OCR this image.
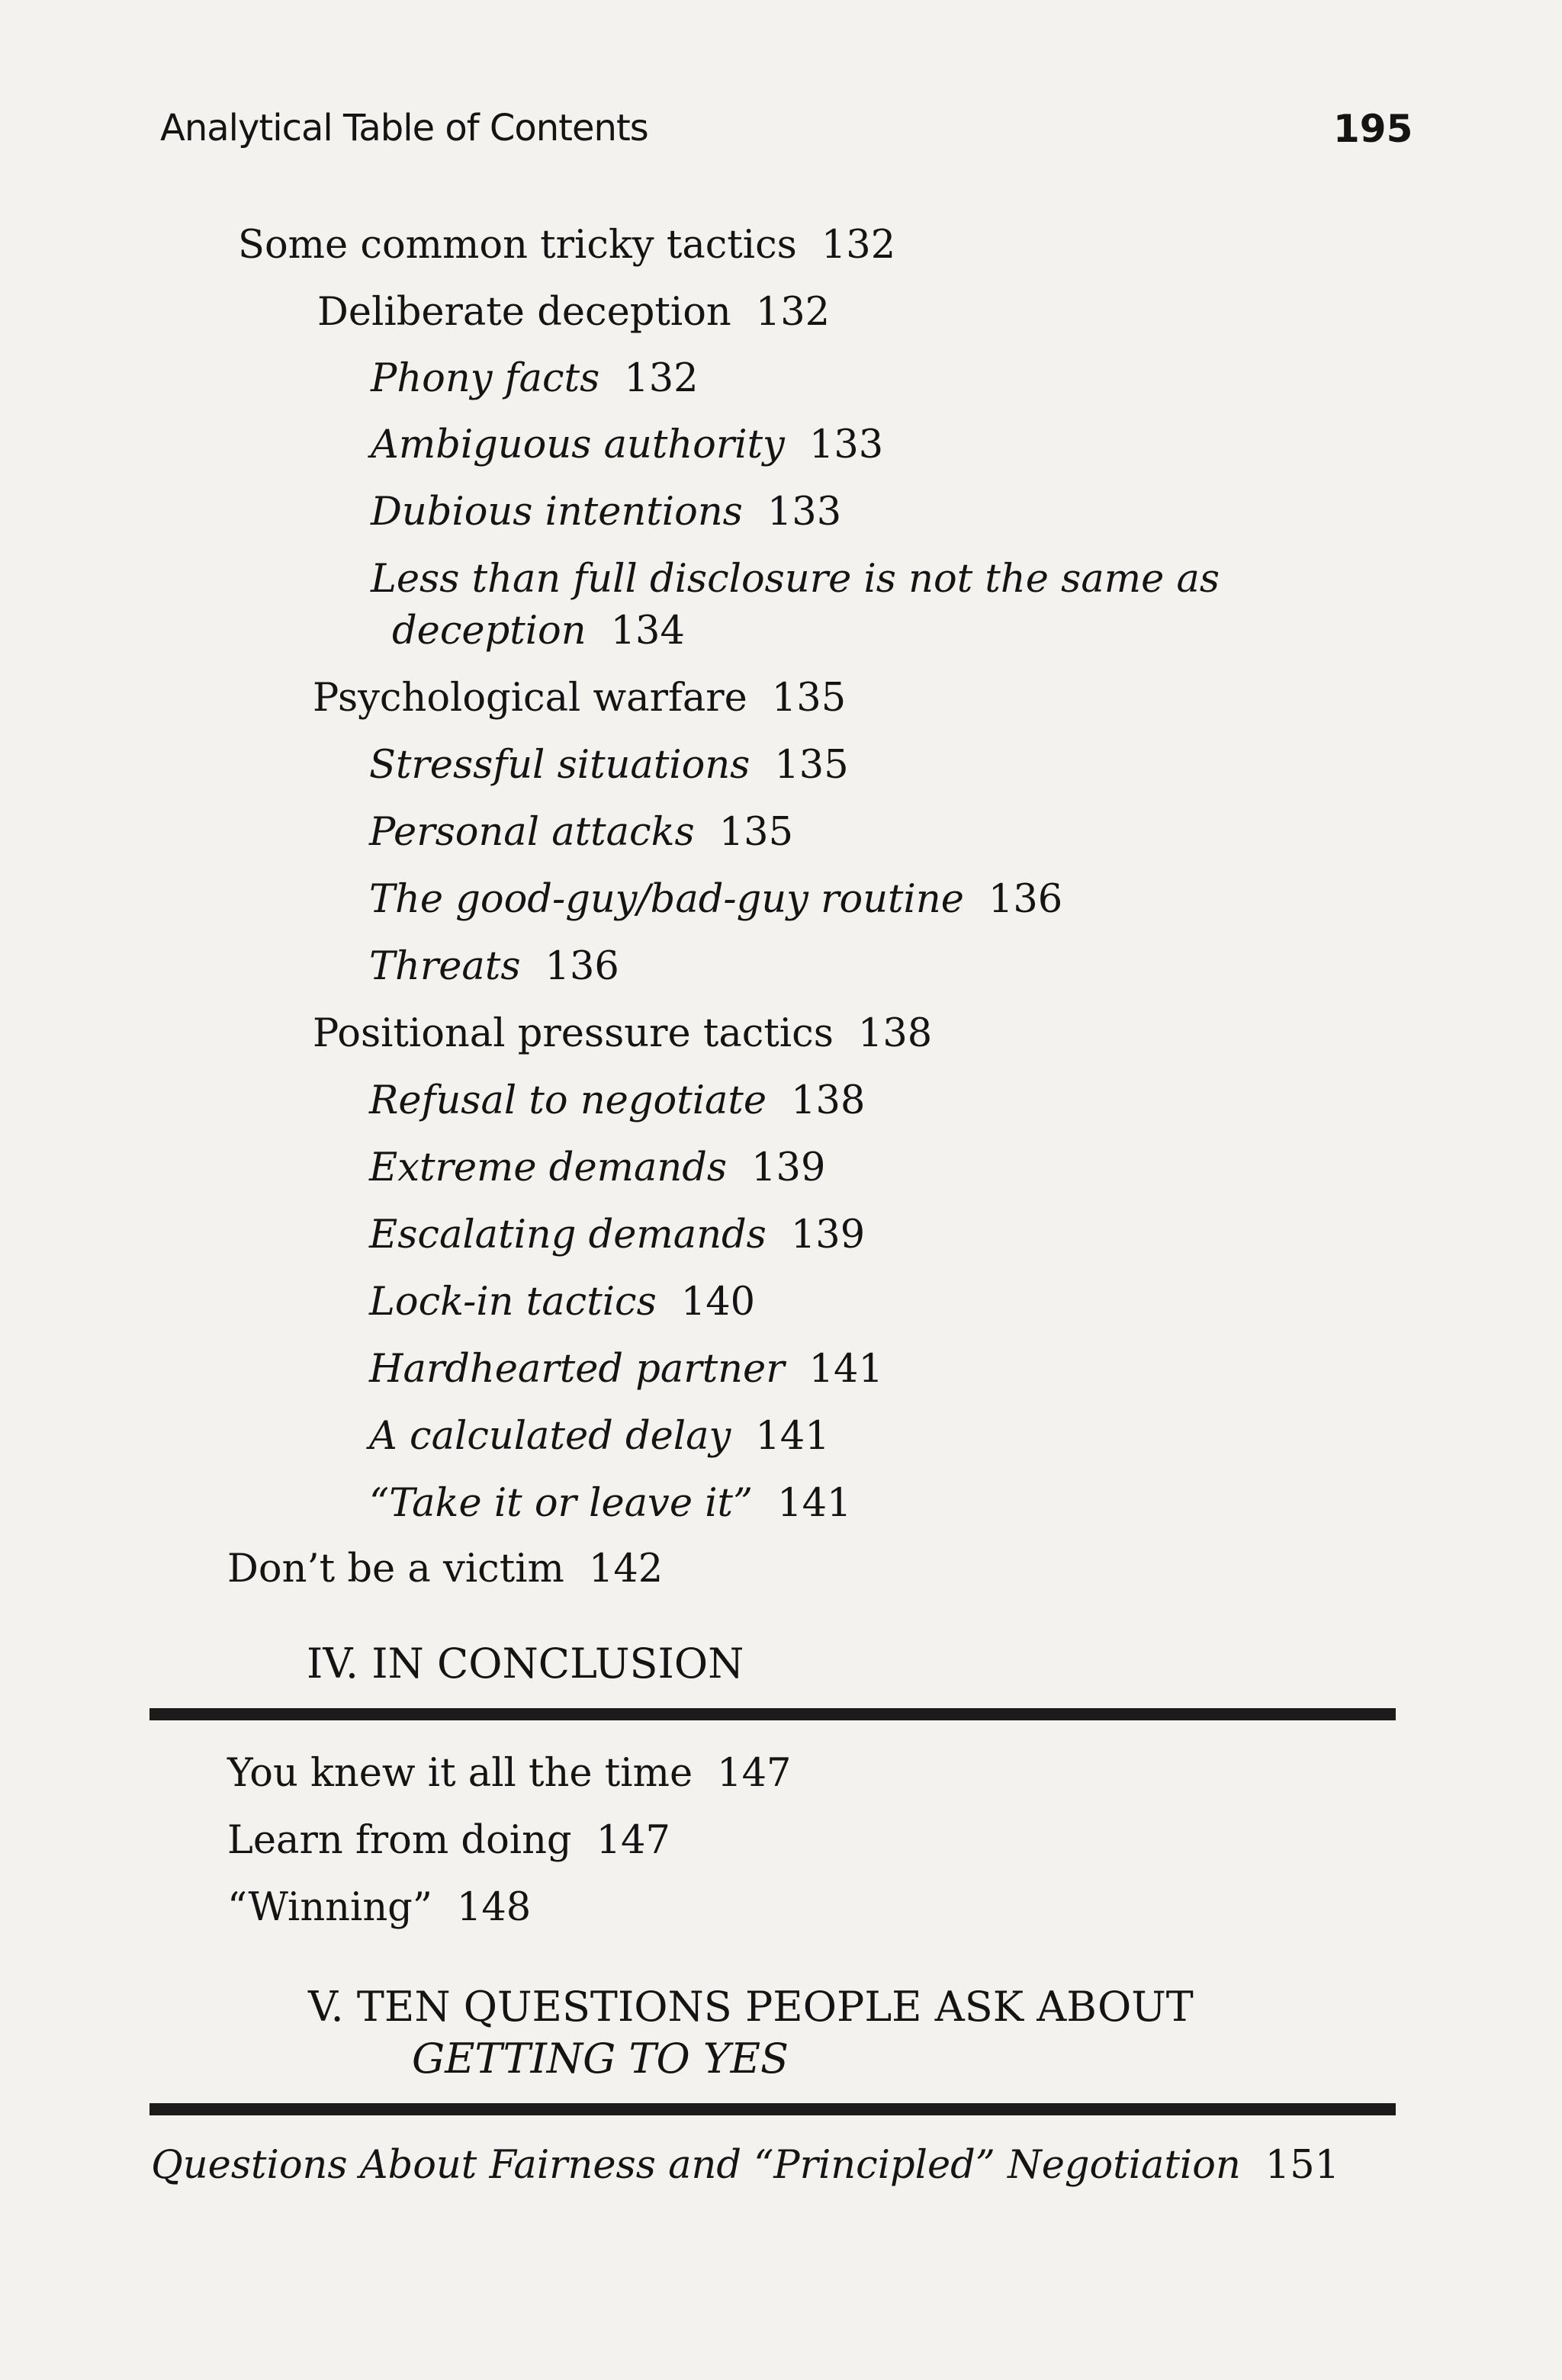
Analytical Table of Contents	195
Some common tricky tactics 132
Deliberate deception 132
Phony facts 132
Ambiguous authority 133
Dubious intentions 133
Less than full disclosure is not the same as
deception 134
Psychological warfare 135
Stressful situations 135
Personal attacks 135
The good-guy/bad-guy routine 136
Threats 136
Positional pressure tactics 138
Refusal to negotiate 138
Extreme demands 139
Escalating demands 139
Lock-in tactics 140
Hardhearted partner 141
A calculated delay 141
“Take it or leave it” 141
Don’t be a victim 142
IV. IN CONCLUSION
You knew it all the time 147
Learn from doing 147
“Winning” 148
V. TEN QUESTIONS PEOPLE ASK ABOUT
GETTING TO YES
Questions About Fairness and “Principled” Negotiation 151
